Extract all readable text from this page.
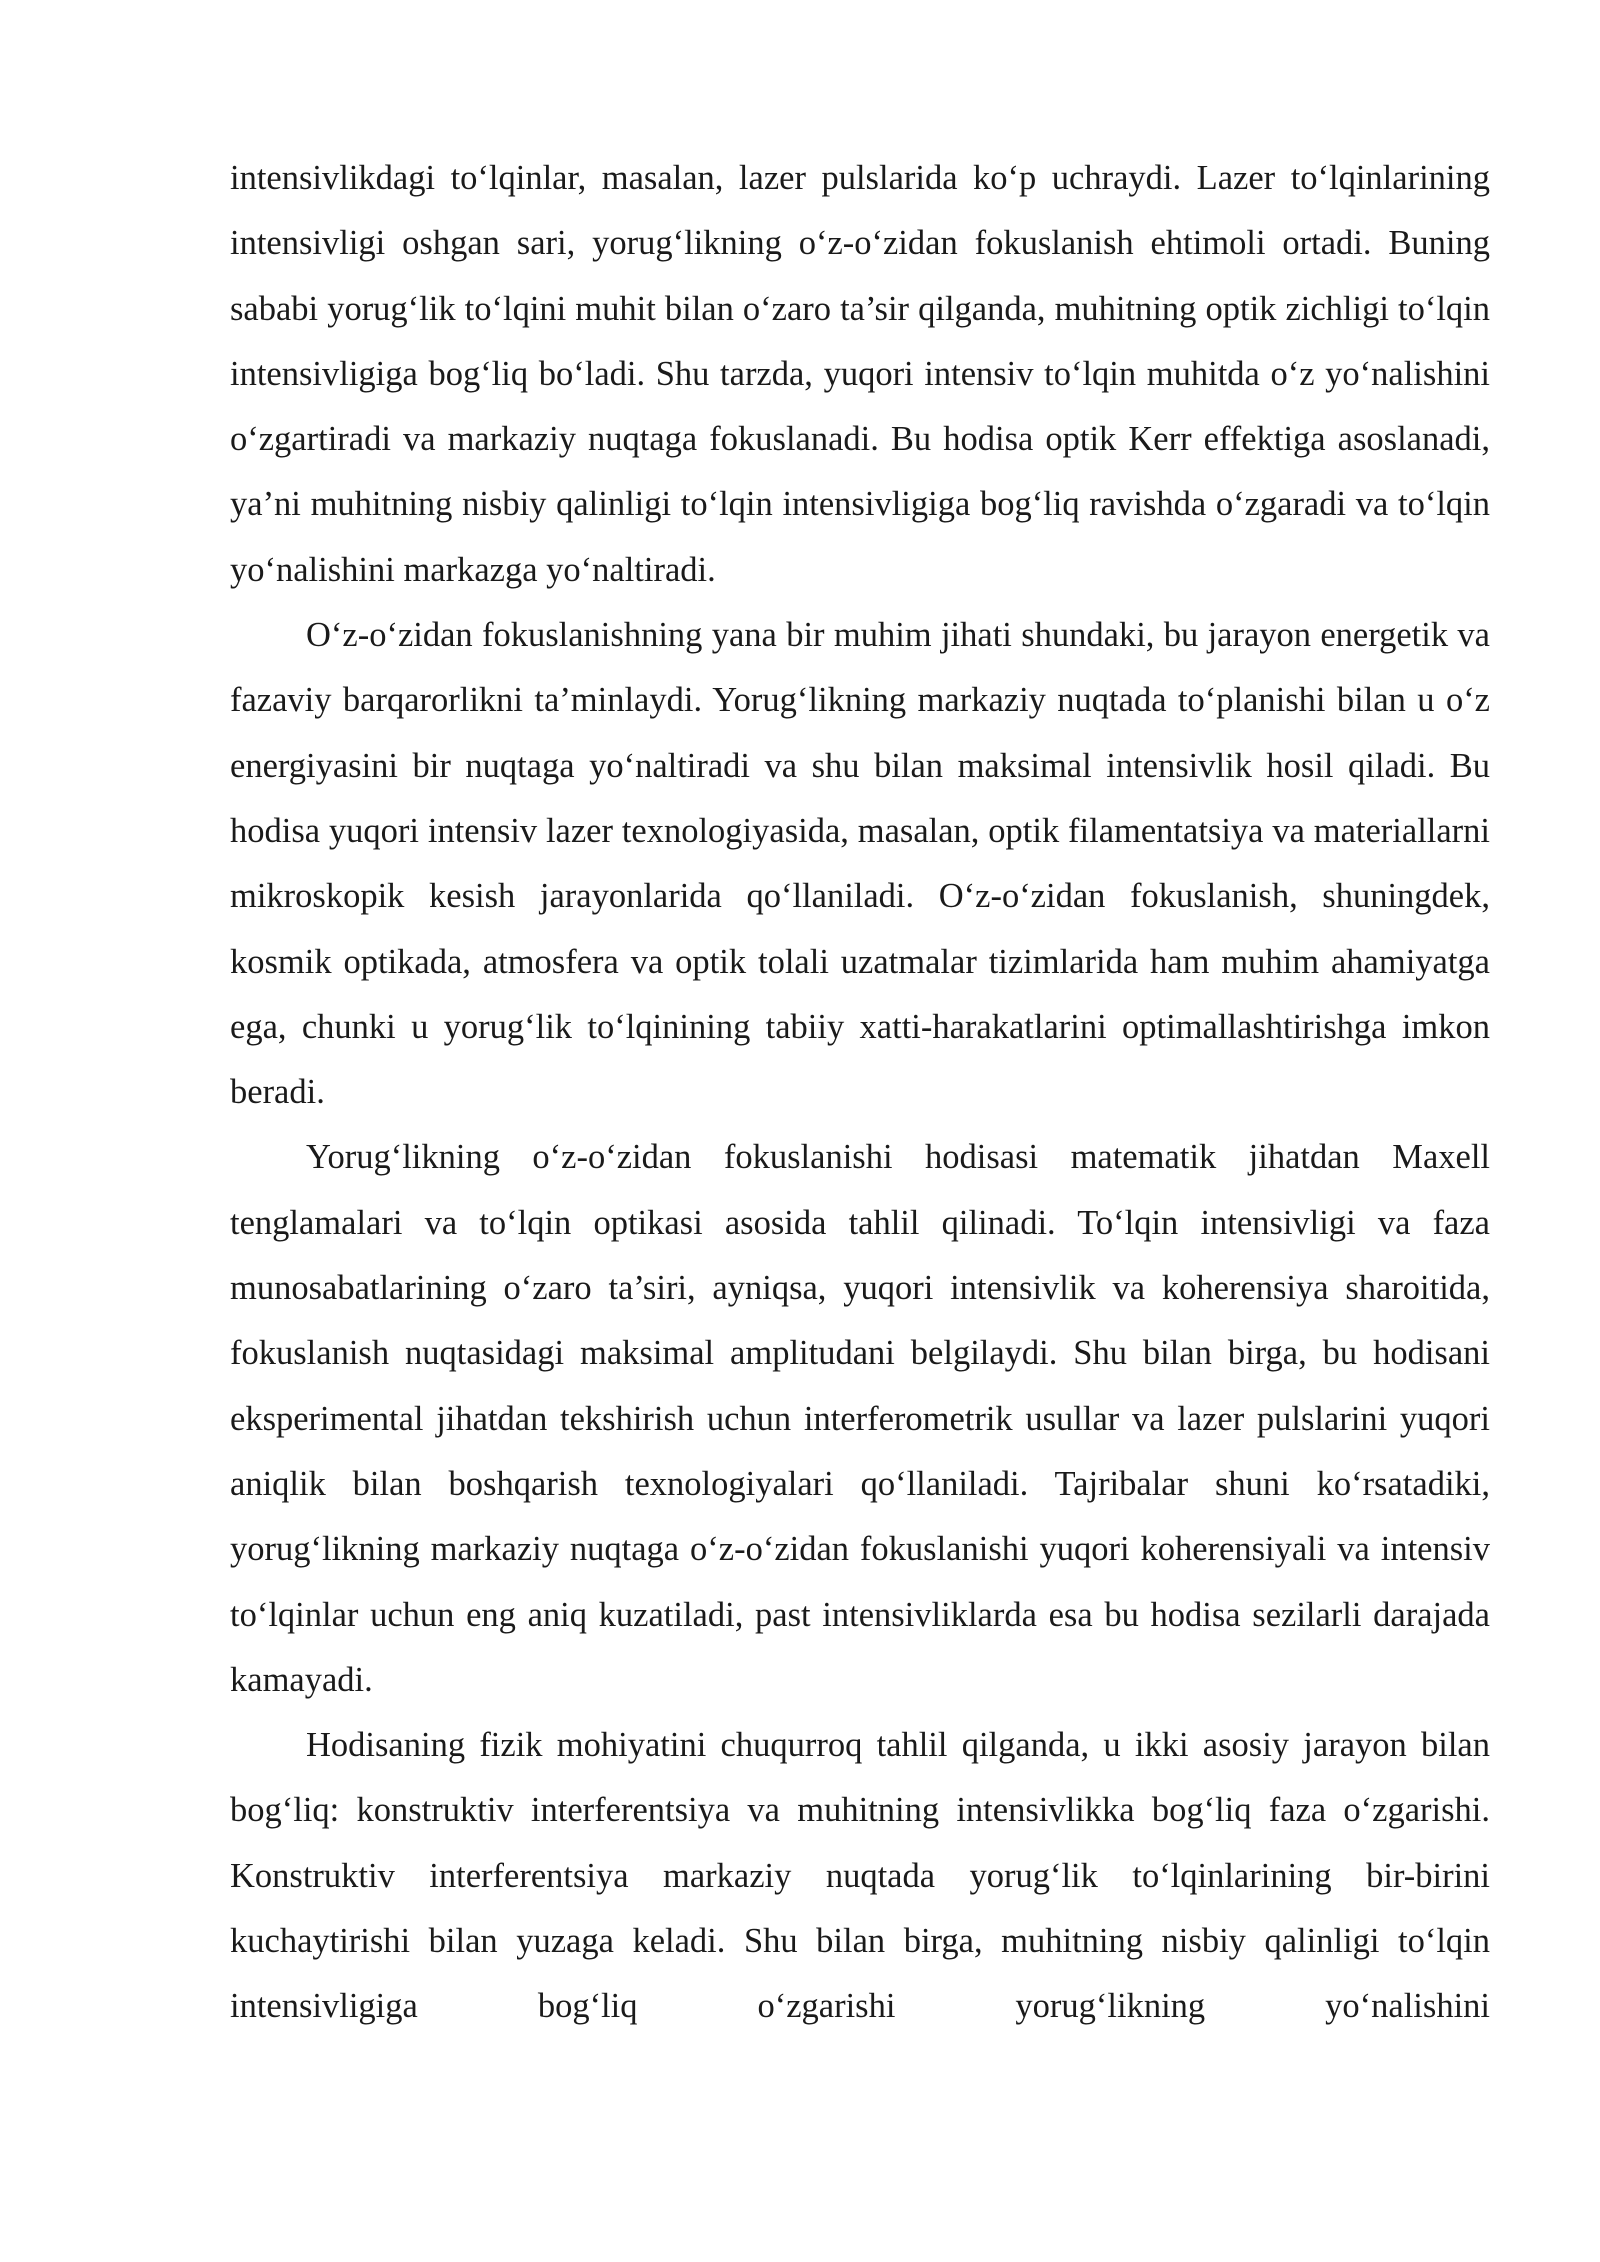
intensivlikdagi to‘lqinlar, masalan, lazer pulslarida ko‘p uchraydi. Lazer to‘lqinlarining intensivligi oshgan sari, yorug‘likning o‘z-o‘zidan fokuslanish ehtimoli ortadi. Buning sababi yorug‘lik to‘lqini muhit bilan o‘zaro ta’sir qilganda, muhitning optik zichligi to‘lqin intensivligiga bog‘liq bo‘ladi. Shu tarzda, yuqori intensiv to‘lqin muhitda o‘z yo‘nalishini o‘zgartiradi va markaziy nuqtaga fokuslanadi. Bu hodisa optik Kerr effektiga asoslanadi, ya’ni muhitning nisbiy qalinligi to‘lqin intensivligiga bog‘liq ravishda o‘zgaradi va to‘lqin yo‘nalishini markazga yo‘naltiradi.

O‘z-o‘zidan fokuslanishning yana bir muhim jihati shundaki, bu jarayon energetik va fazaviy barqarorlikni ta’minlaydi. Yorug‘likning markaziy nuqtada to‘planishi bilan u o‘z energiyasini bir nuqtaga yo‘naltiradi va shu bilan maksimal intensivlik hosil qiladi. Bu hodisa yuqori intensiv lazer texnologiyasida, masalan, optik filamentatsiya va materiallarni mikroskopik kesish jarayonlarida qo‘llaniladi. O‘z-o‘zidan fokuslanish, shuningdek, kosmik optikada, atmosfera va optik tolali uzatmalar tizimlarida ham muhim ahamiyatga ega, chunki u yorug‘lik to‘lqinining tabiiy xatti-harakatlarini optimallashtirishga imkon beradi.

Yorug‘likning o‘z-o‘zidan fokuslanishi hodisasi matematik jihatdan Maxell tenglamalari va to‘lqin optikasi asosida tahlil qilinadi. To‘lqin intensivligi va faza munosabatlarining o‘zaro ta’siri, ayniqsa, yuqori intensivlik va koherensiya sharoitida, fokuslanish nuqtasidagi maksimal amplitudani belgilaydi. Shu bilan birga, bu hodisani eksperimental jihatdan tekshirish uchun interferometrik usullar va lazer pulslarini yuqori aniqlik bilan boshqarish texnologiyalari qo‘llaniladi. Tajribalar shuni ko‘rsatadiki, yorug‘likning markaziy nuqtaga o‘z-o‘zidan fokuslanishi yuqori koherensiyali va intensiv to‘lqinlar uchun eng aniq kuzatiladi, past intensivliklarda esa bu hodisa sezilarli darajada kamayadi.

Hodisaning fizik mohiyatini chuqurroq tahlil qilganda, u ikki asosiy jarayon bilan bog‘liq: konstruktiv interferentsiya va muhitning intensivlikka bog‘liq faza o‘zgarishi. Konstruktiv interferentsiya markaziy nuqtada yorug‘lik to‘lqinlarining bir-birini kuchaytirishi bilan yuzaga keladi. Shu bilan birga, muhitning nisbiy qalinligi to‘lqin intensivligiga bog‘liq o‘zgarishi yorug‘likning yo‘nalishini
